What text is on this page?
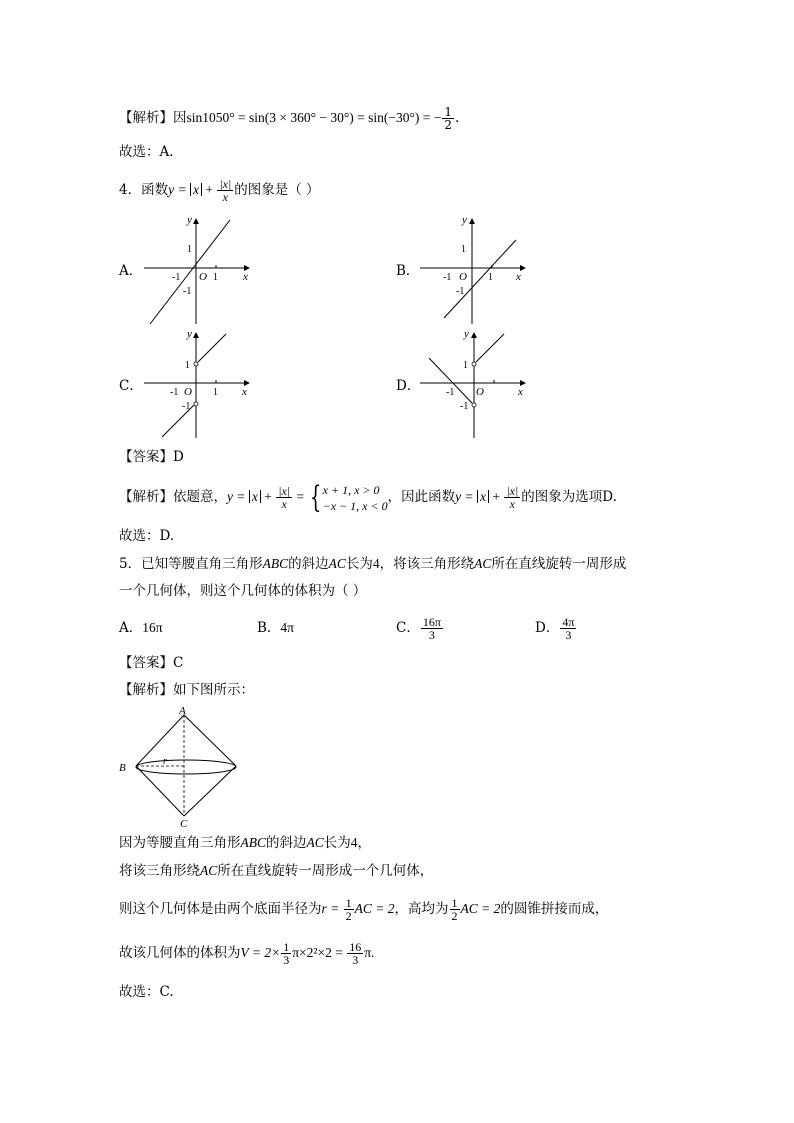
【解析】因sin1050° = sin(3 × 360° − 30°) = sin(−30°) = − $\frac{1}{2}$ .
故选：A.
4．函数$y = x + \frac{|x|}{x}$ 的图象是（ ）
A．	B．
C．	D．
y
x
O
1
-1	1
-1
y
x
O
1
-1	1
-1
y
x
O
1
-1	1
-1
y
x
O
1
-1
-1
【答案】D
【解析】依题意，$y = x + \frac{|x|}{x}$ = { x + 1, x > 0
−x − 1, x < 0
，因此函数$y = x + \frac{|x|}{x}$ 的图象为选项D.
故选：D.
5．已知等腰直角三角形ABC的斜边AC长为4，将该三角形绕AC所在直线旋转一周形成
一个几何体，则这个几何体的体积为（ ）
A．16π	B．4π	C． $\frac{16\pi}{3}$	D． $\frac{4\pi}{3}$
【答案】C
【解析】如下图所示：
A
B
C
r
因为等腰直角三角形ABC的斜边AC长为4，
将该三角形绕AC所在直线旋转一周形成一个几何体，
则这个几何体是由两个底面半径为$r = \frac{1}{2}$ AC = 2，高均为 $\frac{1}{2}$ AC = 2的圆锥拼接而成，
故该几何体的体积为$V = 2\times \frac{1}{3} \pi\times 2^2\times 2 = \frac{16}{3} \pi$.
故选：C.
